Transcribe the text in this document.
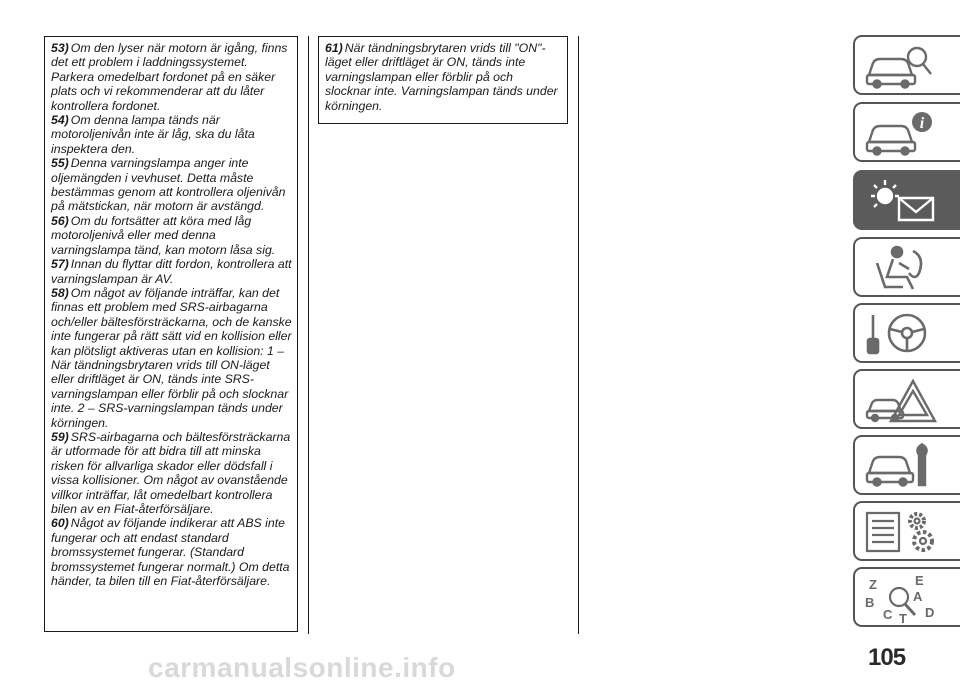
53) Om den lyser när motorn är igång, finns det ett problem i laddningssystemet. Parkera omedelbart fordonet på en säker plats och vi rekommenderar att du låter kontrollera fordonet.

54) Om denna lampa tänds när motoroljenivån inte är låg, ska du låta inspektera den.

55) Denna varningslampa anger inte oljemängden i vevhuset. Detta måste bestämmas genom att kontrollera oljenivån på mätstickan, när motorn är avstängd.

56) Om du fortsätter att köra med låg motoroljenivå eller med denna varningslampa tänd, kan motorn låsa sig.

57) Innan du flyttar ditt fordon, kontrollera att varningslampan är AV.

58) Om något av följande inträffar, kan det finnas ett problem med SRS-airbagarna och/eller bältesförsträckarna, och de kanske inte fungerar på rätt sätt vid en kollision eller kan plötsligt aktiveras utan en kollision: 1 – När tändningsbrytaren vrids till ON-läget eller driftläget är ON, tänds inte SRS-varningslampan eller förblir på och slocknar inte. 2 – SRS-varningslampan tänds under körningen.

59) SRS-airbagarna och bältesförsträckarna är utformade för att bidra till att minska risken för allvarliga skador eller dödsfall i vissa kollisioner. Om något av ovanstående villkor inträffar, låt omedelbart kontrollera bilen av en Fiat-återförsäljare.

60) Något av följande indikerar att ABS inte fungerar och att endast standard bromssystemet fungerar. (Standard bromssystemet fungerar normalt.) Om detta händer, ta bilen till en Fiat-återförsäljare.

61) När tändningsbrytaren vrids till "ON"-läget eller driftläget är ON, tänds inte varningslampan eller förblir på och slocknar inte. Varningslampan tänds under körningen.

i
Z	E
B	A
C	D
T
105
carmanualsonline.info
